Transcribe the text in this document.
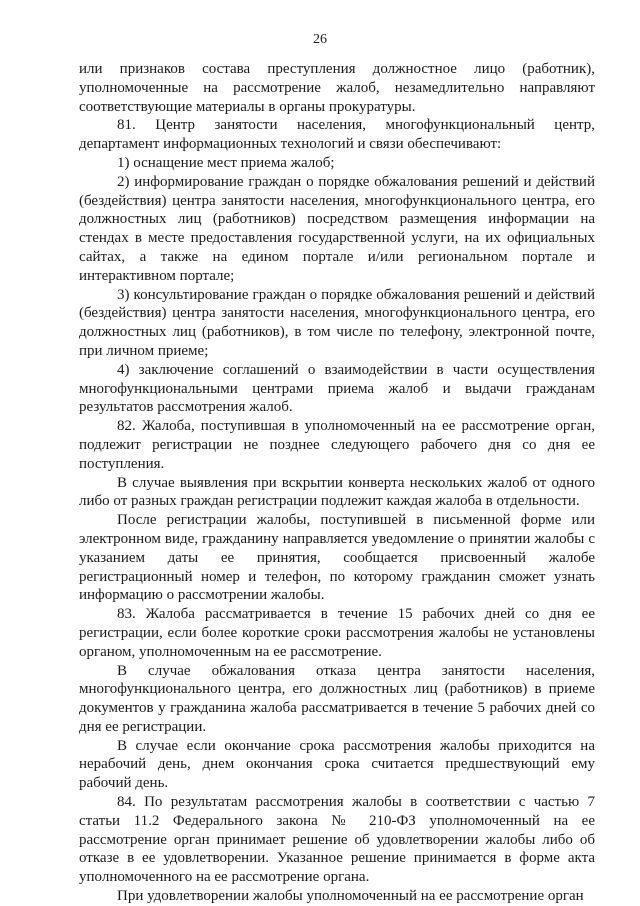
26

или признаков состава преступления должностное лицо (работник), уполномоченные на рассмотрение жалоб, незамедлительно направляют соответствующие материалы в органы прокуратуры.

81. Центр занятости населения, многофункциональный центр, департамент информационных технологий и связи обеспечивают:

1) оснащение мест приема жалоб;

2) информирование граждан о порядке обжалования решений и действий (бездействия) центра занятости населения, многофункционального центра, его должностных лиц (работников) посредством размещения информации на стендах в месте предоставления государственной услуги, на их официальных сайтах, а также на едином портале и/или региональном портале и интерактивном портале;

3) консультирование граждан о порядке обжалования решений и действий (бездействия) центра занятости населения, многофункционального центра, его должностных лиц (работников), в том числе по телефону, электронной почте, при личном приеме;

4) заключение соглашений о взаимодействии в части осуществления многофункциональными центрами приема жалоб и выдачи гражданам результатов рассмотрения жалоб.

82. Жалоба, поступившая в уполномоченный на ее рассмотрение орган, подлежит регистрации не позднее следующего рабочего дня со дня ее поступления.

В случае выявления при вскрытии конверта нескольких жалоб от одного либо от разных граждан регистрации подлежит каждая жалоба в отдельности.

После регистрации жалобы, поступившей в письменной форме или электронном виде, гражданину направляется уведомление о принятии жалобы с указанием даты ее принятия, сообщается присвоенный жалобе регистрационный номер и телефон, по которому гражданин сможет узнать информацию о рассмотрении жалобы.

83. Жалоба рассматривается в течение 15 рабочих дней со дня ее регистрации, если более короткие сроки рассмотрения жалобы не установлены органом, уполномоченным на ее рассмотрение.

В случае обжалования отказа центра занятости населения, многофункционального центра, его должностных лиц (работников) в приеме документов у гражданина жалоба рассматривается в течение 5 рабочих дней со дня ее регистрации.

В случае если окончание срока рассмотрения жалобы приходится на нерабочий день, днем окончания срока считается предшествующий ему рабочий день.

84. По результатам рассмотрения жалобы в соответствии с частью 7 статьи 11.2 Федерального закона № 210-ФЗ уполномоченный на ее рассмотрение орган принимает решение об удовлетворении жалобы либо об отказе в ее удовлетворении. Указанное решение принимается в форме акта уполномоченного на ее рассмотрение органа.

При удовлетворении жалобы уполномоченный на ее рассмотрение орган
